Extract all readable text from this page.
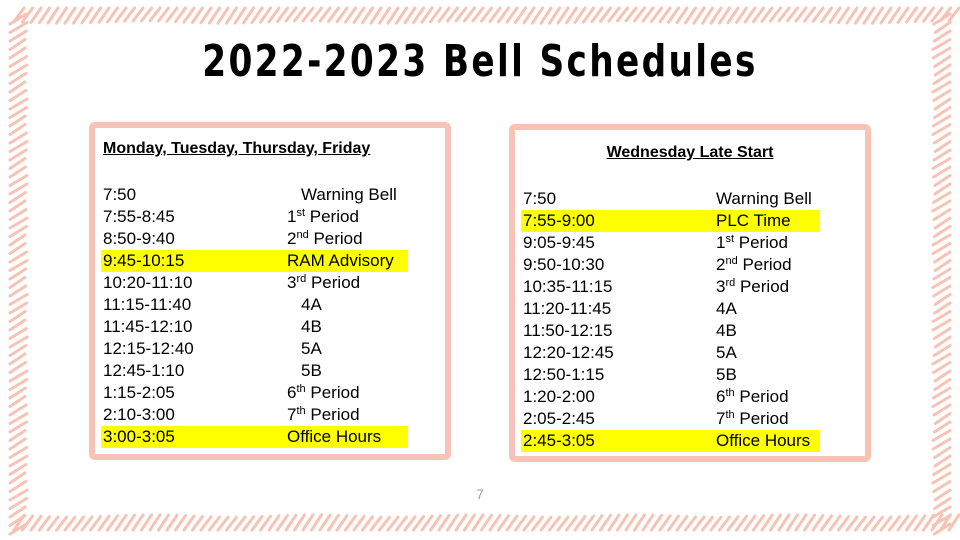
2022-2023 Bell Schedules
Monday, Tuesday, Thursday, Friday
7:50	Warning Bell
7:55-8:45	1st Period
8:50-9:40	2nd Period
9:45-10:15	RAM Advisory
10:20-11:10	3rd Period
11:15-11:40	4A
11:45-12:10	4B
12:15-12:40	5A
12:45-1:10	5B
1:15-2:05	6th Period
2:10-3:00	7th Period
3:00-3:05	Office Hours
Wednesday Late Start
7:50	Warning Bell
7:55-9:00	PLC Time
9:05-9:45	1st Period
9:50-10:30	2nd Period
10:35-11:15	3rd Period
11:20-11:45	4A
11:50-12:15	4B
12:20-12:45	5A
12:50-1:15	5B
1:20-2:00	6th Period
2:05-2:45	7th Period
2:45-3:05	Office Hours
7
